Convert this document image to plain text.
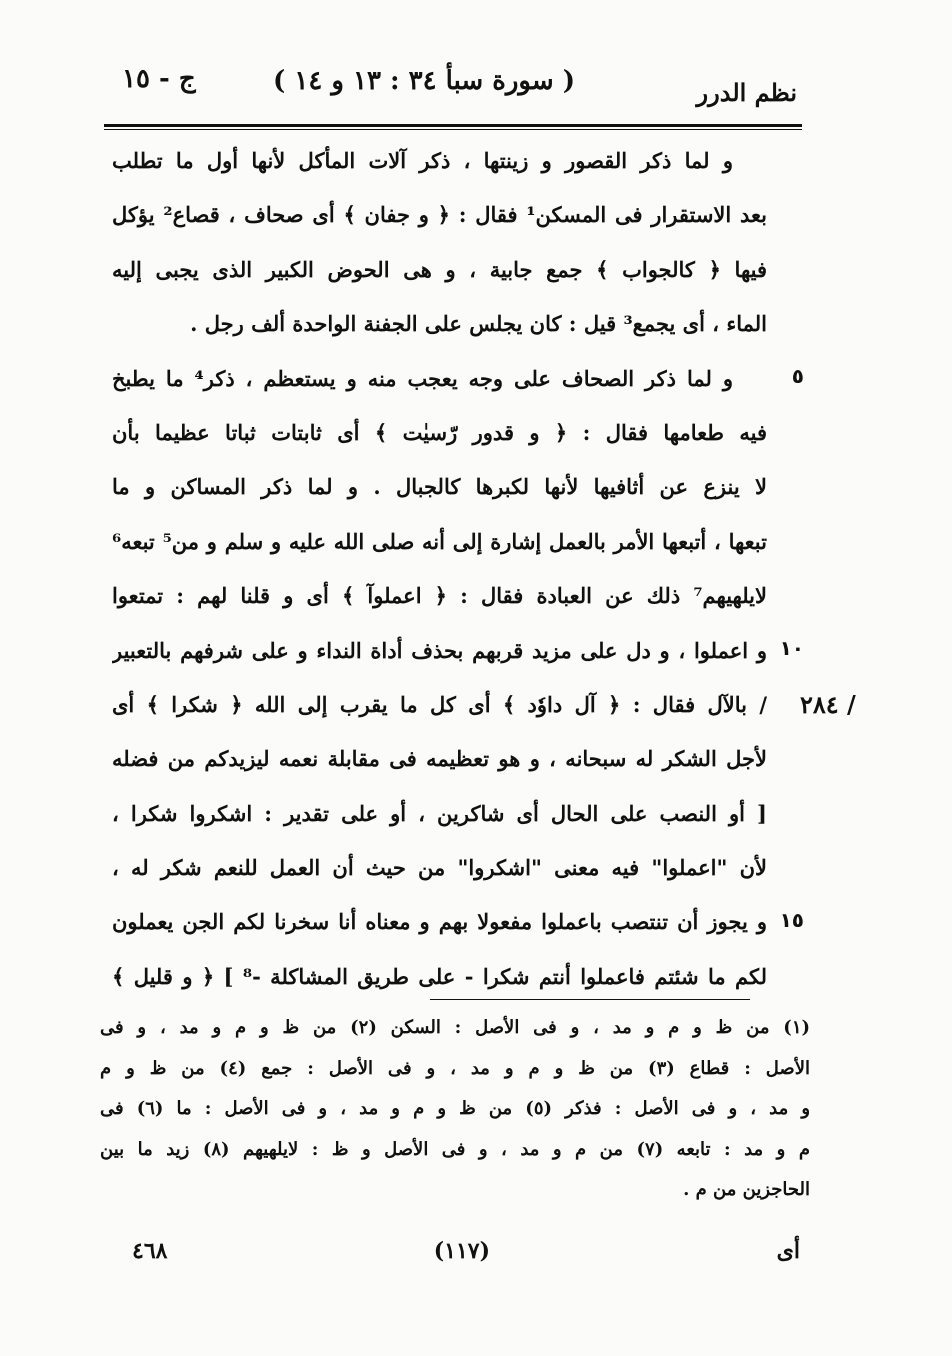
نظم الدرر
( سورة سبأ ٣٤ : ١٣ و ١٤ )
ج - ١٥
و لما ذكر القصور و زينتها ، ذكر آلات المأكل لأنها أول ما تطلب
بعد الاستقرار فى المسكن¹ فقال : ﴿ و جفان ﴾ أى صحاف ، قصاع² يؤكل
فيها ﴿ كالجواب ﴾ جمع جابية ، و هى الحوض الكبير الذى يجبى إليه
الماء ، أى يجمع³ قيل : كان يجلس على الجفنة الواحدة ألف رجل .
و لما ذكر الصحاف على وجه يعجب منه و يستعظم ، ذكر⁴ ما يطبخ
فيه طعامها فقال : ﴿ و قدور رّسيٰت ﴾ أى ثابتات ثباتا عظيما بأن
لا ينزع عن أثافيها لأنها لكبرها كالجبال . و لما ذكر المساكن و ما
تبعها ، أتبعها الأمر بالعمل إشارة إلى أنه صلى الله عليه و سلم و من⁵ تبعه⁶
لايلهيهم⁷ ذلك عن العبادة فقال : ﴿ اعملوآ ﴾ أى و قلنا لهم : تمتعوا
و اعملوا ، و دل على مزيد قربهم بحذف أداة النداء و على شرفهم بالتعبير
/ بالآل فقال : ﴿ آل داوٗد ﴾ أى كل ما يقرب إلى الله ﴿ شكرا ﴾ أى
لأجل الشكر له سبحانه ، و هو تعظيمه فى مقابلة نعمه ليزيدكم من فضله
[ أو النصب على الحال أى شاكرين ، أو على تقدير : اشكروا شكرا ،
لأن "اعملوا" فيه معنى "اشكروا" من حيث أن العمل للنعم شكر له ،
و يجوز أن تنتصب باعملوا مفعولا بهم و معناه أنا سخرنا لكم الجن يعملون
لكم ما شئتم فاعملوا أنتم شكرا - على طريق المشاكلة -⁸ ] ﴿ و قليل ﴾
٥
١٠
١٥
/ ٢٨٤
(١) من ظ و م و مد ، و فى الأصل : السكن (٢) من ظ و م و مد ، و فى
الأصل : قطاع (٣) من ظ و م و مد ، و فى الأصل : جمع (٤) من ظ و م
و مد ، و فى الأصل : فذكر (٥) من ظ و م و مد ، و فى الأصل : ما (٦) فى
م و مد : تابعه (٧) من م و مد ، و فى الأصل و ظ : لايلهيهم (٨) زيد ما بين
الحاجزين من م .
أى
(١١٧)
٤٦٨
